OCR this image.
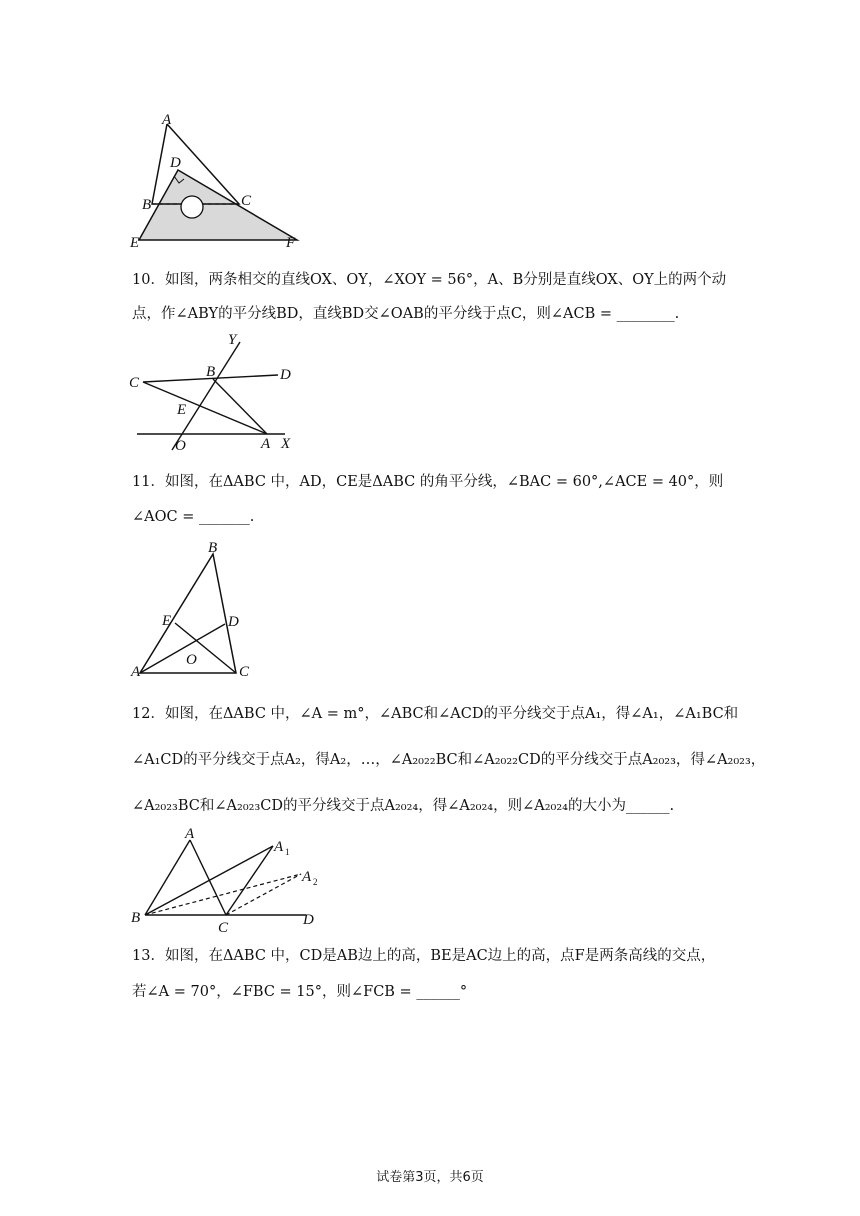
A
D
B	C
E	F
10．如图，两条相交的直线OX、OY，∠XOY = 56°，A、B分别是直线OX、OY上的两个动
点，作∠ABY的平分线BD，直线BD交∠OAB的平分线于点C，则∠ACB = ________.
Y
C
B	D
E
O	A X
11．如图，在ΔABC 中，AD，CE是ΔABC 的角平分线，∠BAC = 60°,∠ACE = 40°，则
∠AOC = _______.
B
E	D
O
A	C
12．如图，在ΔABC 中，∠A = m°，∠ABC和∠ACD的平分线交于点A₁，得∠A₁，∠A₁BC和
∠A₁CD的平分线交于点A₂，得A₂，…，∠A₂₀₂₂BC和∠A₂₀₂₂CD的平分线交于点A₂₀₂₃，得∠A₂₀₂₃，
∠A₂₀₂₃BC和∠A₂₀₂₃CD的平分线交于点A₂₀₂₄，得∠A₂₀₂₄，则∠A₂₀₂₄的大小为______.
A
A 1
A 2
B
C	D
13．如图，在ΔABC 中，CD是AB边上的高，BE是AC边上的高，点F是两条高线的交点，
若∠A = 70°，∠FBC = 15°，则∠FCB = ______°
试卷第3页，共6页
